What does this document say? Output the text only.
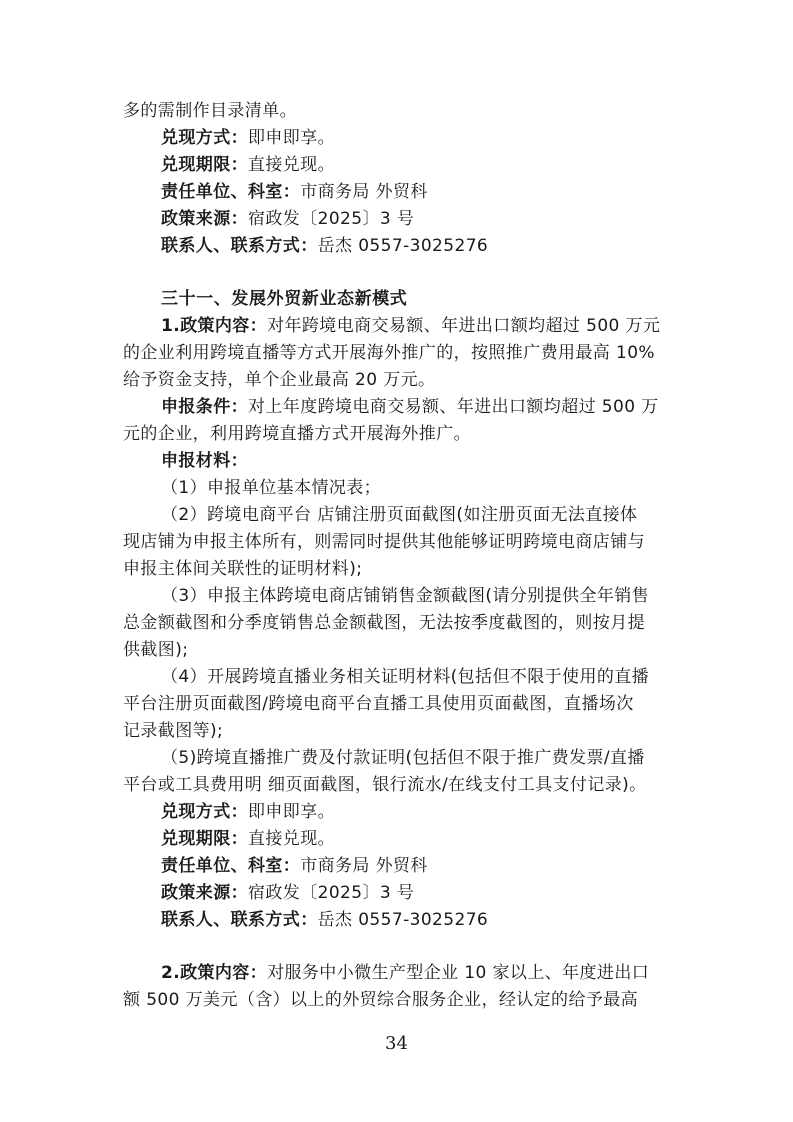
多的需制作目录清单。
兑现方式：即申即享。
兑现期限：直接兑现。
责任单位、科室：市商务局 外贸科
政策来源：宿政发〔2025〕3 号
联系人、联系方式：岳杰 0557-3025276
三十一、发展外贸新业态新模式
1.政策内容：对年跨境电商交易额、年进出口额均超过 500 万元
的企业利用跨境直播等方式开展海外推广的，按照推广费用最高 10%
给予资金支持，单个企业最高 20 万元。
申报条件：对上年度跨境电商交易额、年进出口额均超过 500 万
元的企业，利用跨境直播方式开展海外推广。
申报材料：
（1）申报单位基本情况表；
（2）跨境电商平台 店铺注册页面截图(如注册页面无法直接体
现店铺为申报主体所有，则需同时提供其他能够证明跨境电商店铺与
申报主体间关联性的证明材料);
（3）申报主体跨境电商店铺销售金额截图(请分别提供全年销售
总金额截图和分季度销售总金额截图，无法按季度截图的，则按月提
供截图);
（4）开展跨境直播业务相关证明材料(包括但不限于使用的直播
平台注册页面截图/跨境电商平台直播工具使用页面截图，直播场次
记录截图等);
（5)跨境直播推广费及付款证明(包括但不限于推广费发票/直播
平台或工具费用明 细页面截图，银行流水/在线支付工具支付记录)。
兑现方式：即申即享。
兑现期限：直接兑现。
责任单位、科室：市商务局 外贸科
政策来源：宿政发〔2025〕3 号
联系人、联系方式：岳杰 0557-3025276
2.政策内容：对服务中小微生产型企业 10 家以上、年度进出口
额 500 万美元（含）以上的外贸综合服务企业，经认定的给予最高
34
